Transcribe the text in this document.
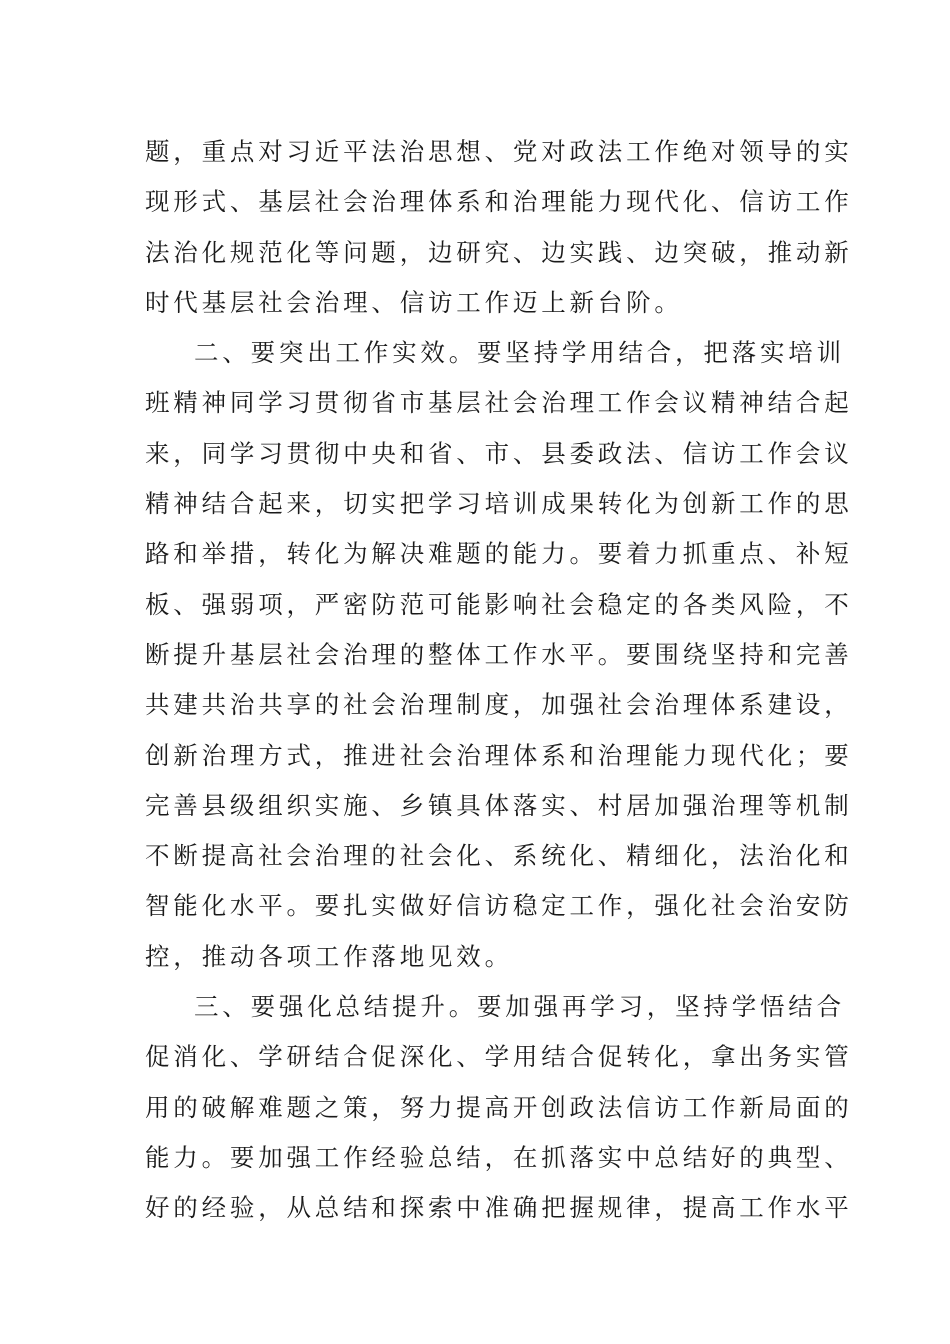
题，重点对习近平法治思想、党对政法工作绝对领导的实
现形式、基层社会治理体系和治理能力现代化、信访工作
法治化规范化等问题，边研究、边实践、边突破，推动新
时代基层社会治理、信访工作迈上新台阶。
二、要突出工作实效。要坚持学用结合，把落实培训
班精神同学习贯彻省市基层社会治理工作会议精神结合起
来，同学习贯彻中央和省、市、县委政法、信访工作会议
精神结合起来，切实把学习培训成果转化为创新工作的思
路和举措，转化为解决难题的能力。要着力抓重点、补短
板、强弱项，严密防范可能影响社会稳定的各类风险，不
断提升基层社会治理的整体工作水平。要围绕坚持和完善
共建共治共享的社会治理制度，加强社会治理体系建设，
创新治理方式，推进社会治理体系和治理能力现代化；要
完善县级组织实施、乡镇具体落实、村居加强治理等机制
不断提高社会治理的社会化、系统化、精细化，法治化和
智能化水平。要扎实做好信访稳定工作，强化社会治安防
控，推动各项工作落地见效。
三、要强化总结提升。要加强再学习，坚持学悟结合
促消化、学研结合促深化、学用结合促转化，拿出务实管
用的破解难题之策，努力提高开创政法信访工作新局面的
能力。要加强工作经验总结，在抓落实中总结好的典型、
好的经验，从总结和探索中准确把握规律，提高工作水平
